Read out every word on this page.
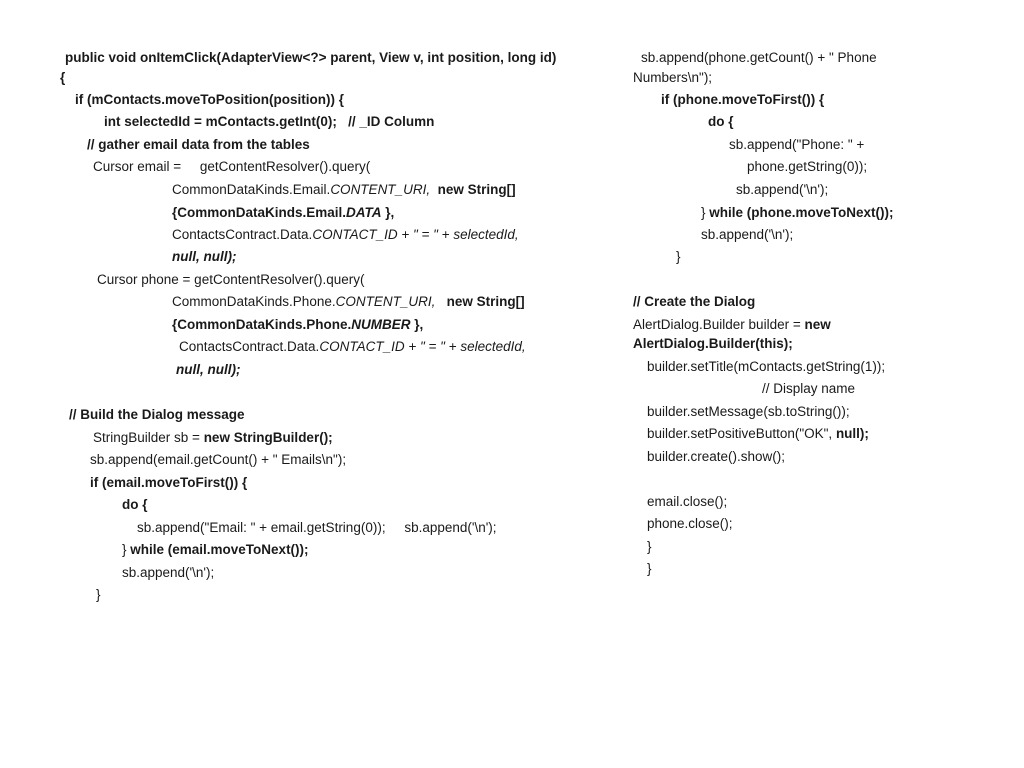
public void onItemClick(AdapterView<?> parent, View v, int position, long id)
{
if (mContacts.moveToPosition(position)) {
int selectedId = mContacts.getInt(0);   // _ID Column
// gather email data from the tables
Cursor email =     getContentResolver().query(
CommonDataKinds.Email.CONTENT_URI,  new String[]
{CommonDataKinds.Email.DATA },
ContactsContract.Data.CONTACT_ID + " = " + selectedId,
null, null);
Cursor phone = getContentResolver().query(
CommonDataKinds.Phone.CONTENT_URI,   new String[]
{CommonDataKinds.Phone.NUMBER },
ContactsContract.Data.CONTACT_ID + " = " + selectedId,
null, null);
// Build the Dialog message
StringBuilder sb = new StringBuilder();
sb.append(email.getCount() + " Emails\n");
if (email.moveToFirst()) {
do {
sb.append("Email: " + email.getString(0));     sb.append('\n');
} while (email.moveToNext());
sb.append('\n');
}
sb.append(phone.getCount() + " Phone
Numbers\n");
if (phone.moveToFirst()) {
do {
sb.append("Phone: " +
phone.getString(0));
sb.append('\n');
} while (phone.moveToNext());
sb.append('\n');
}
// Create the Dialog
AlertDialog.Builder builder = new
AlertDialog.Builder(this);
builder.setTitle(mContacts.getString(1));
// Display name
builder.setMessage(sb.toString());
builder.setPositiveButton("OK", null);
builder.create().show();
email.close();
phone.close();
}
}
